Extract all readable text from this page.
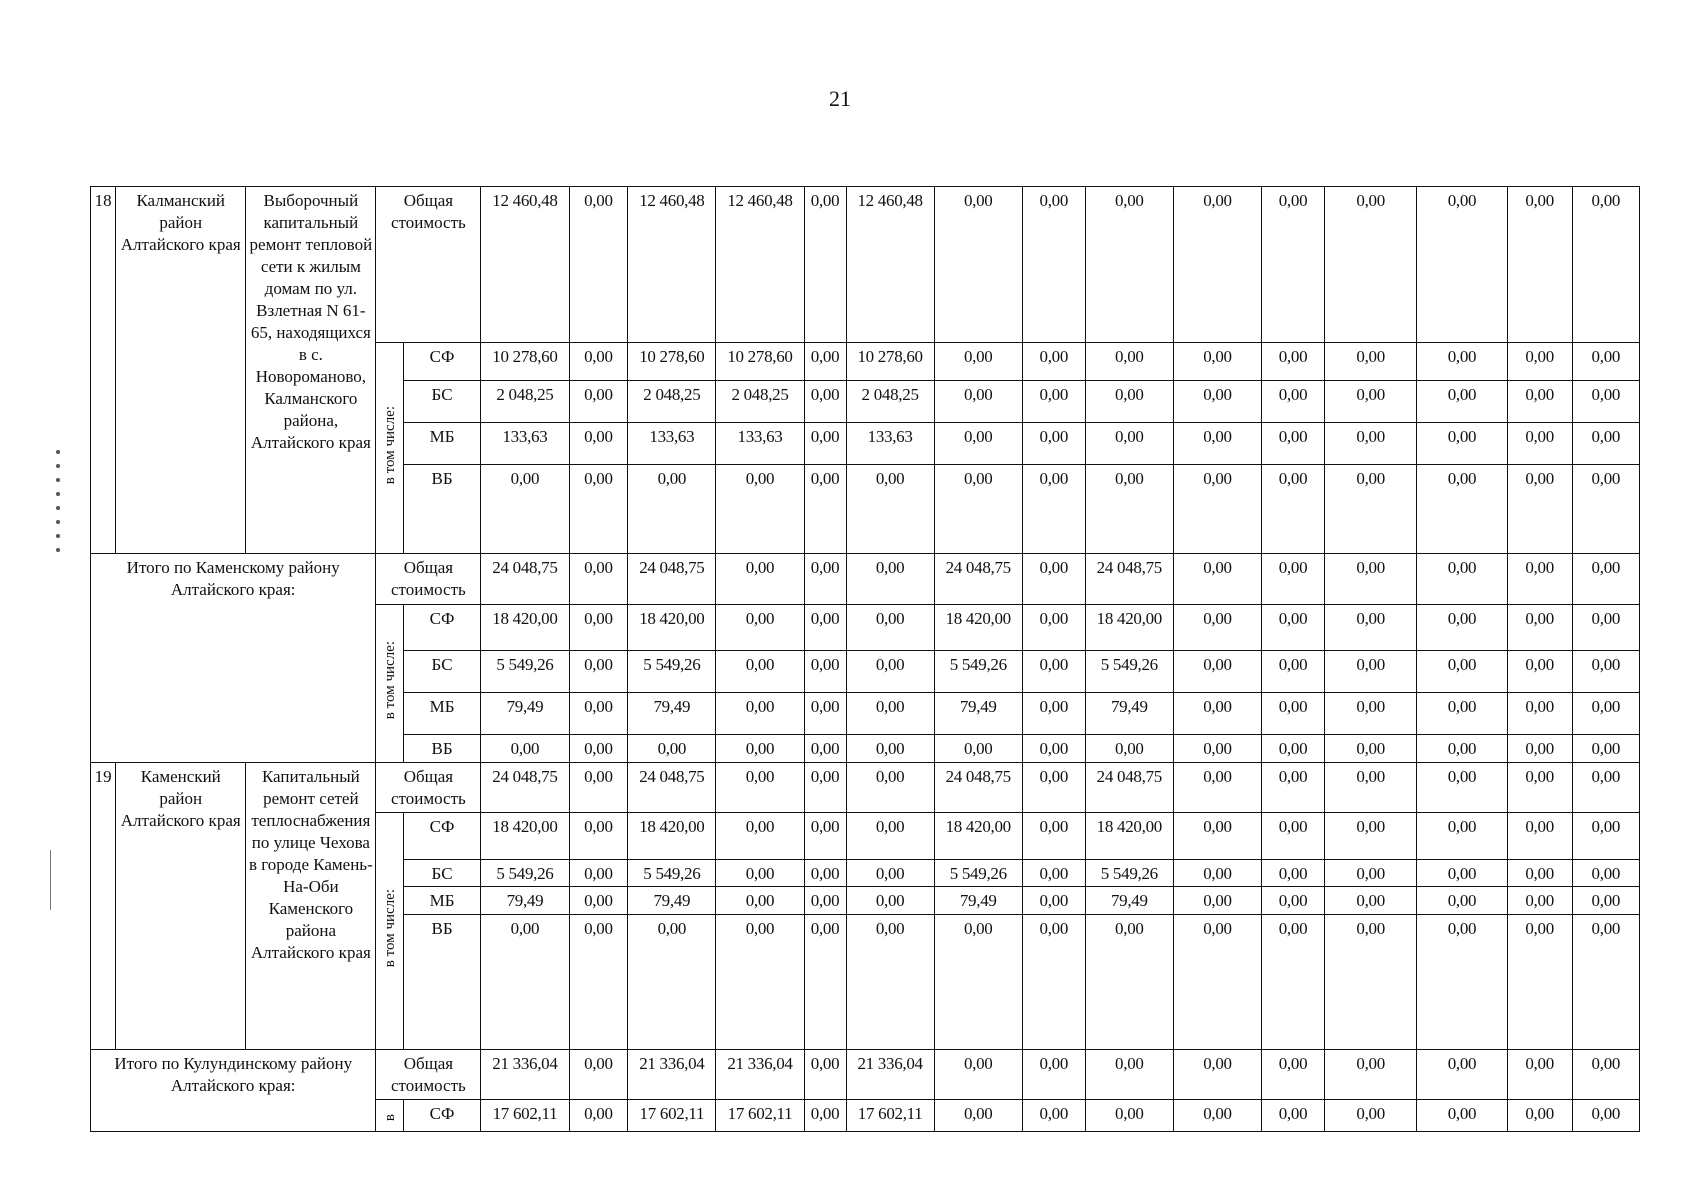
21
18	Калманский район Алтайского края	Выборочный капитальный ремонт тепловой сети к жилым домам по ул. Взлетная N 61-65, находящихся в с. Новороманово, Калманского района, Алтайского края	Общая стоимость		12 460,48	0,00	12 460,48	12 460,48	0,00	12 460,48	0,00	0,00	0,00	0,00	0,00	0,00	0,00	0,00	0,00
			в том числе:	СФ	10 278,60	0,00	10 278,60	10 278,60	0,00	10 278,60	0,00	0,00	0,00	0,00	0,00	0,00	0,00	0,00	0,00
				БС	2 048,25	0,00	2 048,25	2 048,25	0,00	2 048,25	0,00	0,00	0,00	0,00	0,00	0,00	0,00	0,00	0,00
				МБ	133,63	0,00	133,63	133,63	0,00	133,63	0,00	0,00	0,00	0,00	0,00	0,00	0,00	0,00	0,00
				ВБ	0,00	0,00	0,00	0,00	0,00	0,00	0,00	0,00	0,00	0,00	0,00	0,00	0,00	0,00	0,00
Итого по Каменскому району Алтайского края:			Общая стоимость		24 048,75	0,00	24 048,75	0,00	0,00	0,00	24 048,75	0,00	24 048,75	0,00	0,00	0,00	0,00	0,00	0,00
			в том числе:	СФ	18 420,00	0,00	18 420,00	0,00	0,00	0,00	18 420,00	0,00	18 420,00	0,00	0,00	0,00	0,00	0,00	0,00
				БС	5 549,26	0,00	5 549,26	0,00	0,00	0,00	5 549,26	0,00	5 549,26	0,00	0,00	0,00	0,00	0,00	0,00
				МБ	79,49	0,00	79,49	0,00	0,00	0,00	79,49	0,00	79,49	0,00	0,00	0,00	0,00	0,00	0,00
				ВБ	0,00	0,00	0,00	0,00	0,00	0,00	0,00	0,00	0,00	0,00	0,00	0,00	0,00	0,00	0,00
19	Каменский район Алтайского края	Капитальный ремонт сетей теплоснабжения по улице Чехова в городе Камень-На-Оби Каменского района Алтайского края	Общая стоимость		24 048,75	0,00	24 048,75	0,00	0,00	0,00	24 048,75	0,00	24 048,75	0,00	0,00	0,00	0,00	0,00	0,00
			в том числе:	СФ	18 420,00	0,00	18 420,00	0,00	0,00	0,00	18 420,00	0,00	18 420,00	0,00	0,00	0,00	0,00	0,00	0,00
				БС	5 549,26	0,00	5 549,26	0,00	0,00	0,00	5 549,26	0,00	5 549,26	0,00	0,00	0,00	0,00	0,00	0,00
				МБ	79,49	0,00	79,49	0,00	0,00	0,00	79,49	0,00	79,49	0,00	0,00	0,00	0,00	0,00	0,00
				ВБ	0,00	0,00	0,00	0,00	0,00	0,00	0,00	0,00	0,00	0,00	0,00	0,00	0,00	0,00	0,00
Итого по Кулундинскому району Алтайского края:			Общая стоимость		21 336,04	0,00	21 336,04	21 336,04	0,00	21 336,04	0,00	0,00	0,00	0,00	0,00	0,00	0,00	0,00	0,00
			в	СФ	17 602,11	0,00	17 602,11	17 602,11	0,00	17 602,11	0,00	0,00	0,00	0,00	0,00	0,00	0,00	0,00	0,00
